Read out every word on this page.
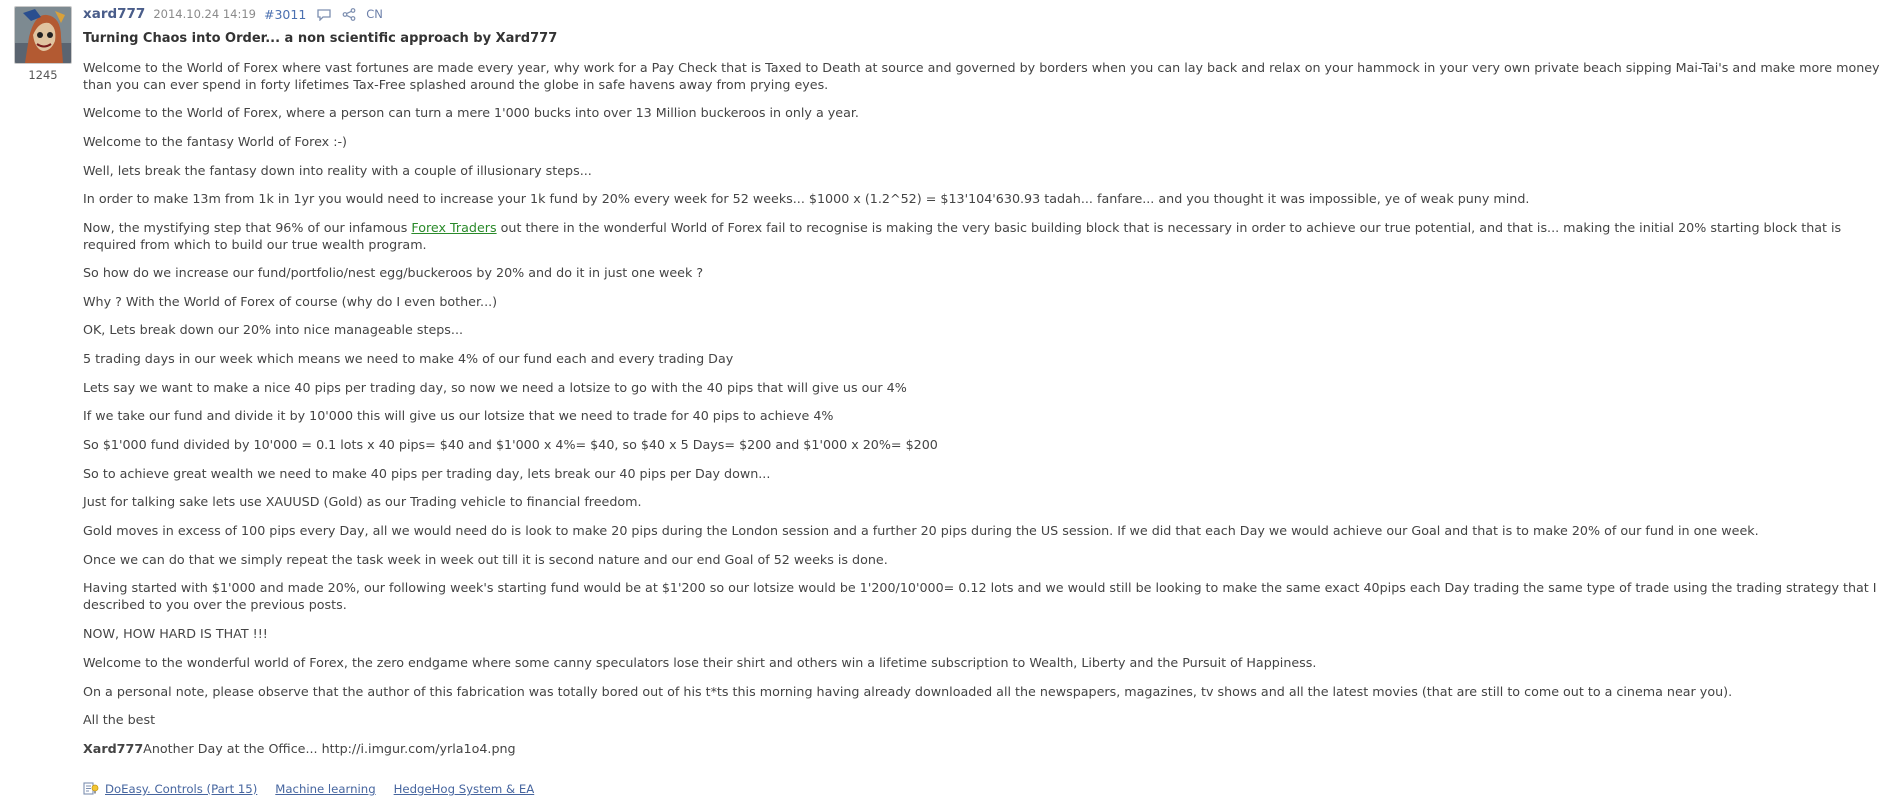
1245
xard777 2014.10.24 14:19 #3011	CN
Turning Chaos into Order... a non scientific approach by Xard777

Welcome to the World of Forex where vast fortunes are made every year, why work for a Pay Check that is Taxed to Death at source and governed by borders when you can lay back and relax on your hammock in your very own private beach sipping Mai-Tai's and make more money than you can ever spend in forty lifetimes Tax-Free splashed around the globe in safe havens away from prying eyes.

Welcome to the World of Forex, where a person can turn a mere 1'000 bucks into over 13 Million buckeroos in only a year.

Welcome to the fantasy World of Forex :-)

Well, lets break the fantasy down into reality with a couple of illusionary steps...

In order to make 13m from 1k in 1yr you would need to increase your 1k fund by 20% every week for 52 weeks... $1000 x (1.2^52) = $13'104'630.93 tadah... fanfare... and you thought it was impossible, ye of weak puny mind.

Now, the mystifying step that 96% of our infamous Forex Traders out there in the wonderful World of Forex fail to recognise is making the very basic building block that is necessary in order to achieve our true potential, and that is... making the initial 20% starting block that is required from which to build our true wealth program.

So how do we increase our fund/portfolio/nest egg/buckeroos by 20% and do it in just one week ?

Why ? With the World of Forex of course (why do I even bother...)

OK, Lets break down our 20% into nice manageable steps...

5 trading days in our week which means we need to make 4% of our fund each and every trading Day

Lets say we want to make a nice 40 pips per trading day, so now we need a lotsize to go with the 40 pips that will give us our 4%

If we take our fund and divide it by 10'000 this will give us our lotsize that we need to trade for 40 pips to achieve 4%

So $1'000 fund divided by 10'000 = 0.1 lots x 40 pips= $40 and $1'000 x 4%= $40, so $40 x 5 Days= $200 and $1'000 x 20%= $200

So to achieve great wealth we need to make 40 pips per trading day, lets break our 40 pips per Day down...

Just for talking sake lets use XAUUSD (Gold) as our Trading vehicle to financial freedom.

Gold moves in excess of 100 pips every Day, all we would need do is look to make 20 pips during the London session and a further 20 pips during the US session. If we did that each Day we would achieve our Goal and that is to make 20% of our fund in one week.

Once we can do that we simply repeat the task week in week out till it is second nature and our end Goal of 52 weeks is done.

Having started with $1'000 and made 20%, our following week's starting fund would be at $1'200 so our lotsize would be 1'200/10'000= 0.12 lots and we would still be looking to make the same exact 40pips each Day trading the same type of trade using the trading strategy that I described to you over the previous posts.

NOW, HOW HARD IS THAT !!!

Welcome to the wonderful world of Forex, the zero endgame where some canny speculators lose their shirt and others win a lifetime subscription to Wealth, Liberty and the Pursuit of Happiness.

On a personal note, please observe that the author of this fabrication was totally bored out of his t*ts this morning having already downloaded all the newspapers, magazines, tv shows and all the latest movies (that are still to come out to a cinema near you).

All the best

Xard777Another Day at the Office... http://i.imgur.com/yrla1o4.png

DoEasy. Controls (Part 15) Machine learning HedgeHog System & EA
